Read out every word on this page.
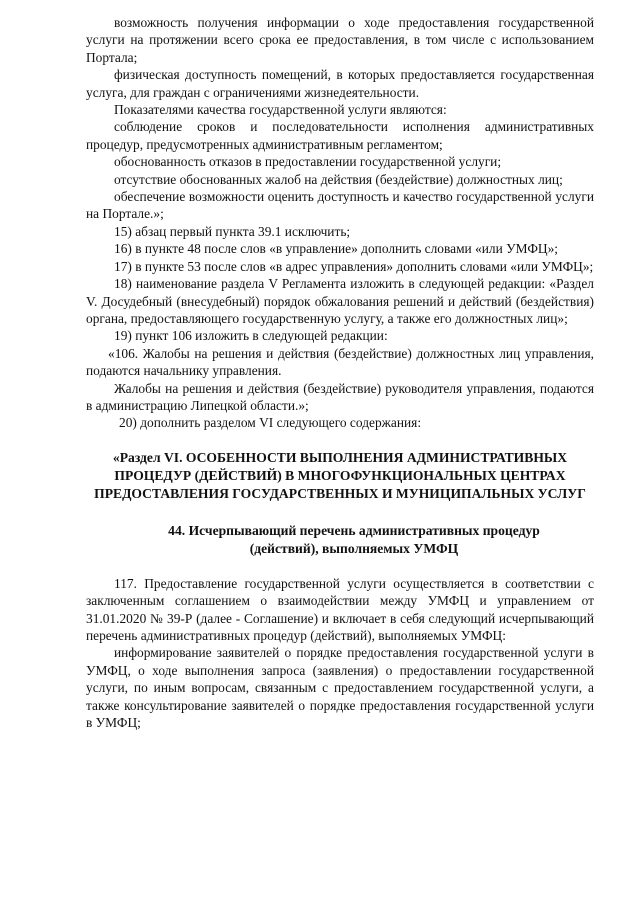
возможность получения информации о ходе предоставления государственной услуги на протяжении всего срока ее предоставления, в том числе с использованием Портала;

физическая доступность помещений, в которых предоставляется государственная услуга, для граждан с ограничениями жизнедеятельности.

Показателями качества государственной услуги являются:

соблюдение сроков и последовательности исполнения административных процедур, предусмотренных административным регламентом;

обоснованность отказов в предоставлении государственной услуги;

отсутствие обоснованных жалоб на действия (бездействие) должностных лиц;

обеспечение возможности оценить доступность и качество государственной услуги на Портале.»;

15) абзац первый пункта 39.1 исключить;

16) в пункте 48 после слов «в управление» дополнить словами «или УМФЦ»;

17) в пункте 53 после слов «в адрес управления» дополнить словами «или УМФЦ»;

18) наименование раздела V Регламента изложить в следующей редакции: «Раздел V. Досудебный (внесудебный) порядок обжалования решений и действий (бездействия) органа, предоставляющего государственную услугу, а также его должностных лиц»;

19) пункт 106 изложить в следующей редакции:

«106. Жалобы на решения и действия (бездействие) должностных лиц управления, подаются начальнику управления.

Жалобы на решения и действия (бездействие) руководителя управления, подаются в администрацию Липецкой области.»;

20) дополнить разделом VI следующего содержания:

«Раздел VI. ОСОБЕННОСТИ ВЫПОЛНЕНИЯ АДМИНИСТРАТИВНЫХ ПРОЦЕДУР (ДЕЙСТВИЙ) В МНОГОФУНКЦИОНАЛЬНЫХ ЦЕНТРАХ ПРЕДОСТАВЛЕНИЯ ГОСУДАРСТВЕННЫХ И МУНИЦИПАЛЬНЫХ УСЛУГ
44. Исчерпывающий перечень административных процедур (действий), выполняемых УМФЦ

117. Предоставление государственной услуги осуществляется в соответствии с заключенным соглашением о взаимодействии между УМФЦ и управлением от 31.01.2020 № 39-Р (далее - Соглашение) и включает в себя следующий исчерпывающий перечень административных процедур (действий), выполняемых УМФЦ:

информирование заявителей о порядке предоставления государственной услуги в УМФЦ, о ходе выполнения запроса (заявления) о предоставлении государственной услуги, по иным вопросам, связанным с предоставлением государственной услуги, а также консультирование заявителей о порядке предоставления государственной услуги в УМФЦ;
